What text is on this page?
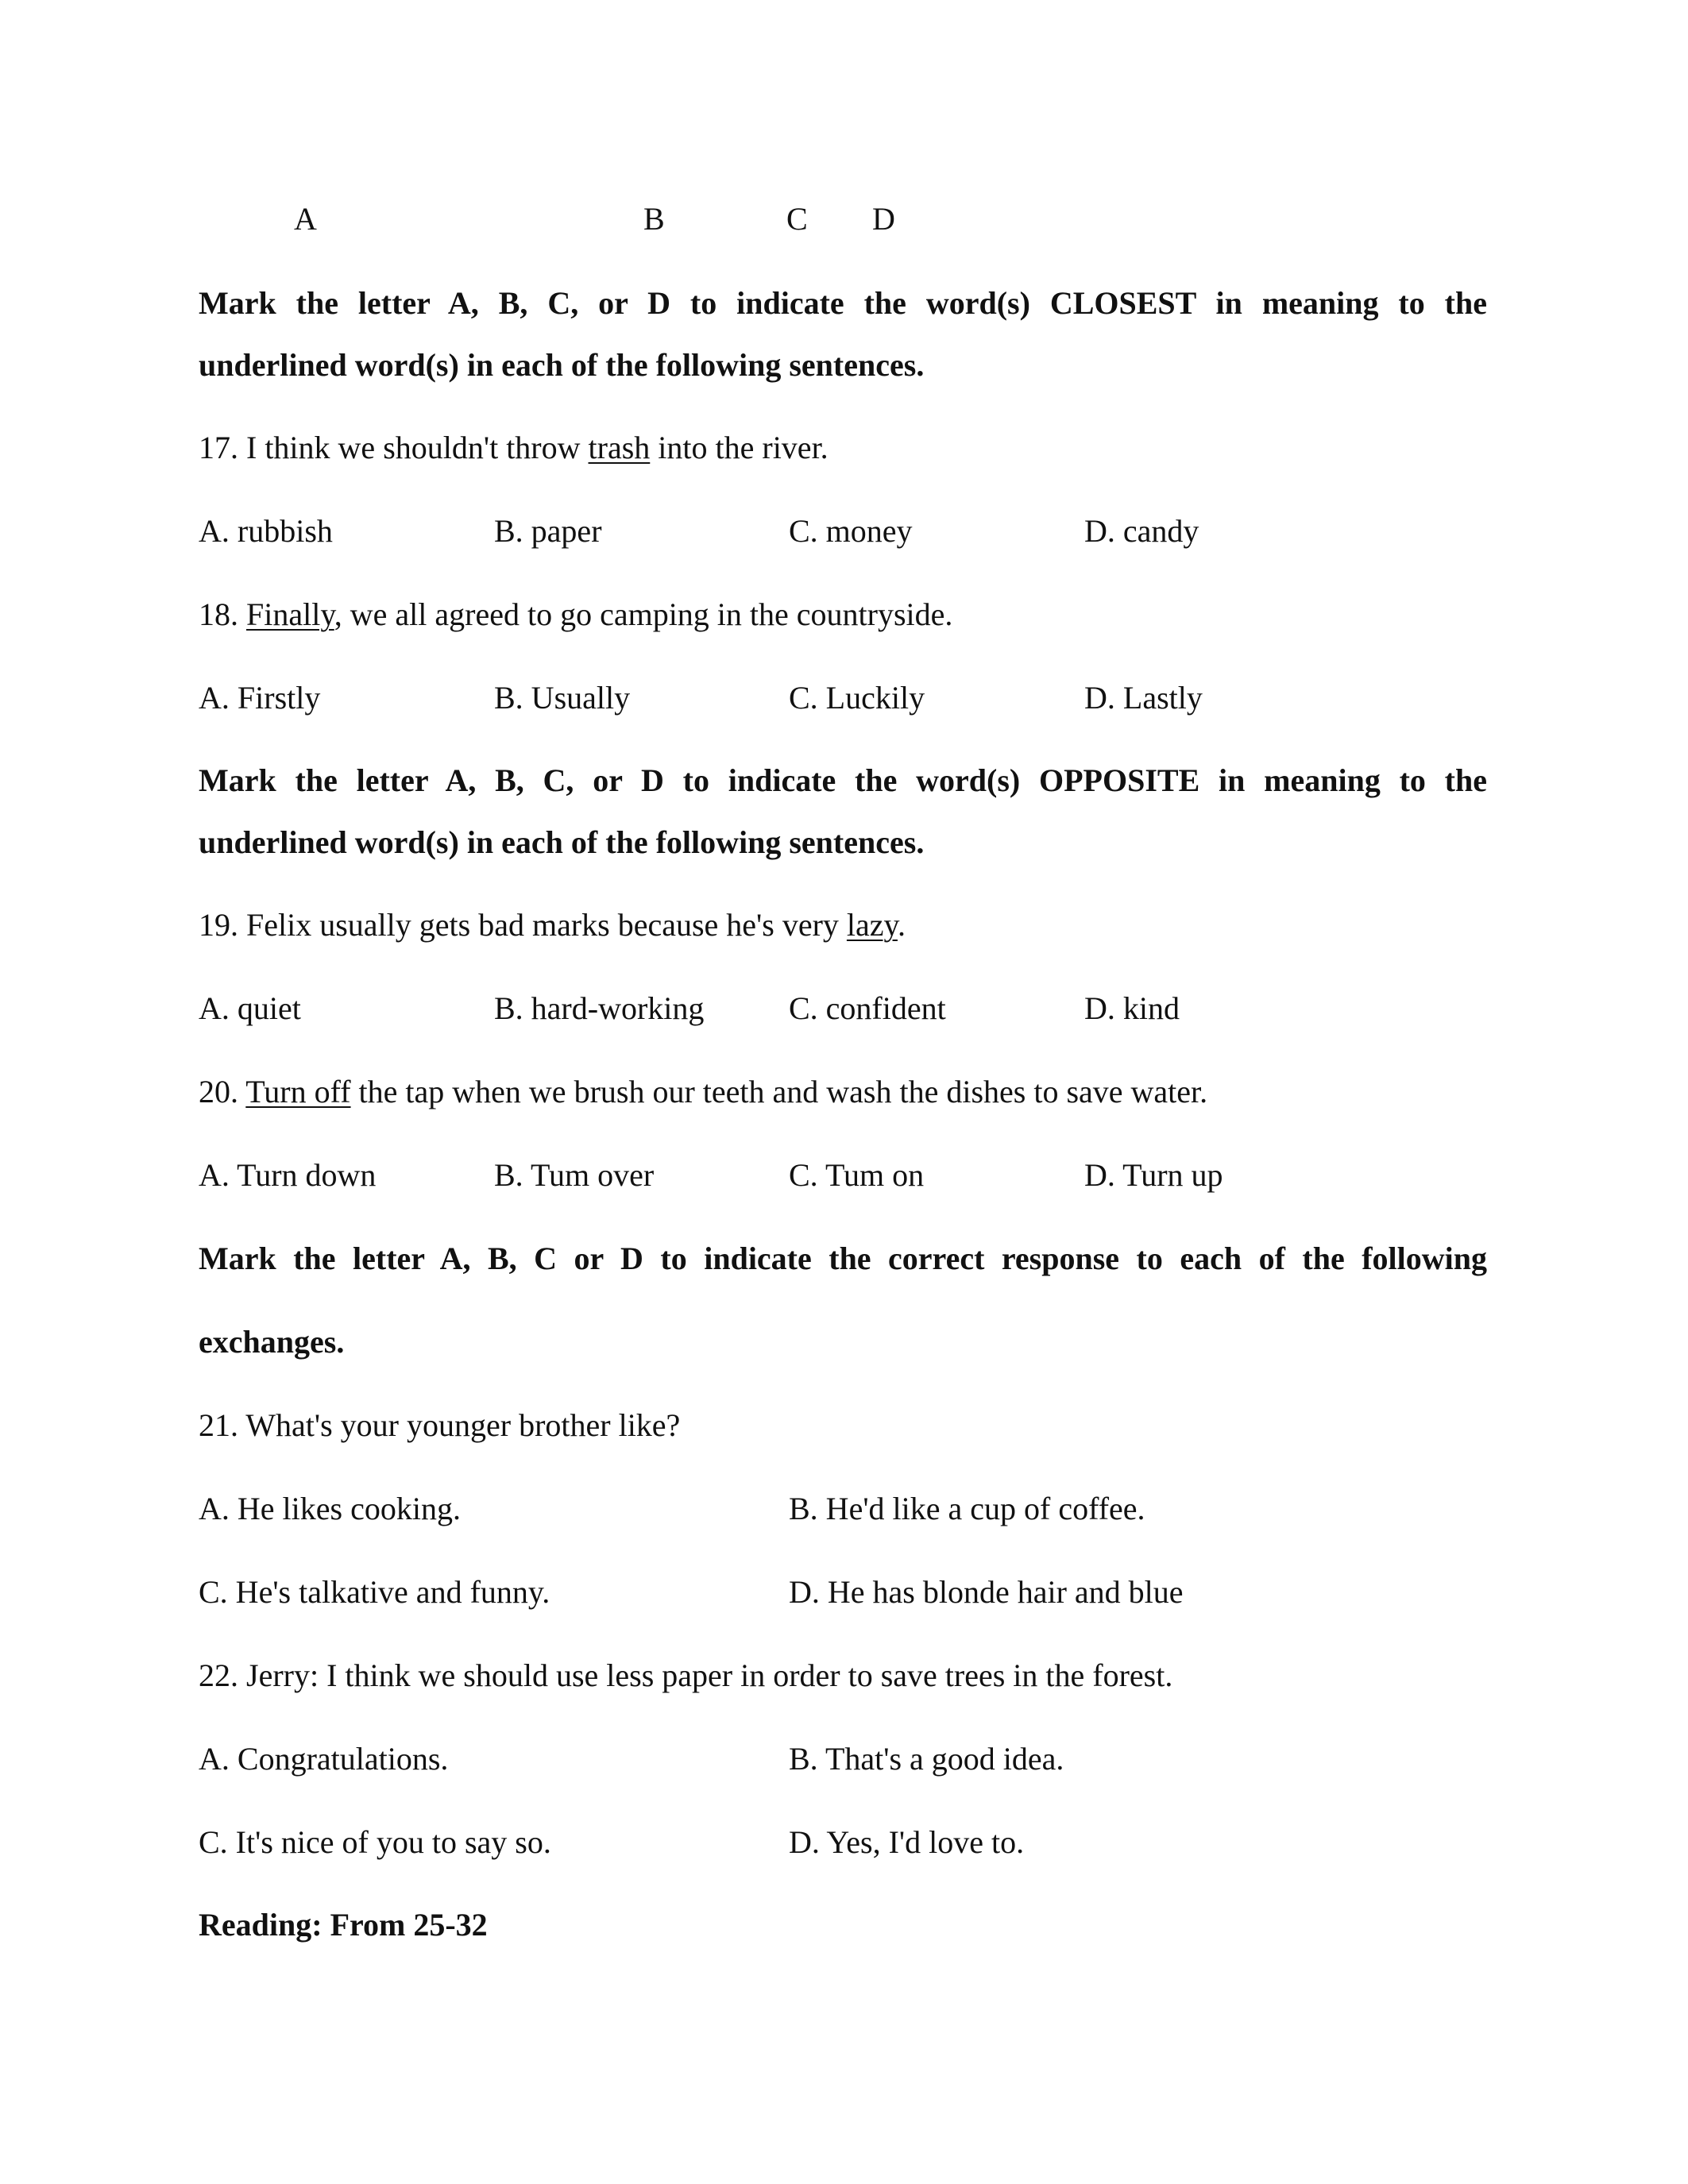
A	B	C D
Mark the letter A, B, C, or D to indicate the word(s) CLOSEST in meaning to the
underlined word(s) in each of the following sentences.
17. I think we shouldn't throw trash into the river.
A. rubbish	B. paper	C. money	D. candy
18. Finally, we all agreed to go camping in the countryside.
A. Firstly	B. Usually	C. Luckily	D. Lastly
Mark the letter A, B, C, or D to indicate the word(s) OPPOSITE in meaning to the
underlined word(s) in each of the following sentences.
19. Felix usually gets bad marks because he's very lazy.
A. quiet	B. hard-working	C. confident	D. kind
20. Turn off the tap when we brush our teeth and wash the dishes to save water.
A. Turn down	B. Tum over	C. Tum on	D. Turn up
Mark the letter A, B, C or D to indicate the correct response to each of the following
exchanges.
21. What's your younger brother like?
A. He likes cooking.	B. He'd like a cup of coffee.
C. He's talkative and funny.	D. He has blonde hair and blue
22. Jerry: I think we should use less paper in order to save trees in the forest.
A. Congratulations.	B. That's a good idea.
C. It's nice of you to say so.	D. Yes, I'd love to.
Reading: From 25-32
